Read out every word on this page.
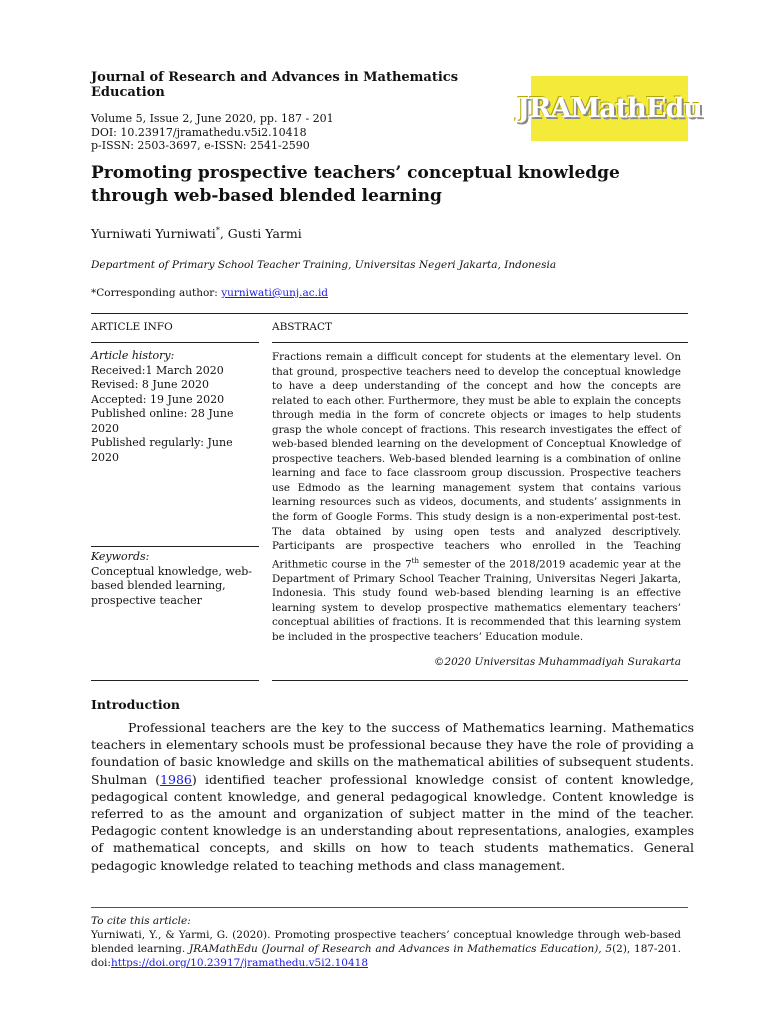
Journal of Research and Advances in Mathematics Education

Volume 5, Issue 2, June 2020, pp. 187 - 201
DOI: 10.23917/jramathedu.v5i2.10418
p-ISSN: 2503-3697, e-ISSN: 2541-2590
JRAMathEdu
Promoting prospective teachers’ conceptual knowledge
through web-based blended learning
Yurniwati Yurniwati*, Gusti Yarmi
Department of Primary School Teacher Training, Universitas Negeri Jakarta, Indonesia
*Corresponding author: yurniwati@unj.ac.id
ARTICLE INFO	ABSTRACT
Article history:
Received:1 March 2020
Revised: 8 June 2020
Accepted: 19 June 2020
Published online: 28 June
2020
Published regularly: June
2020
Keywords:
Conceptual knowledge, web-
based blended learning,
prospective teacher

Fractions remain a difficult concept for students at the elementary level. On that ground, prospective teachers need to develop the conceptual knowledge to have a deep understanding of the concept and how the concepts are related to each other. Furthermore, they must be able to explain the concepts through media in the form of concrete objects or images to help students grasp the whole concept of fractions. This research investigates the effect of web-based blended learning on the development of Conceptual Knowledge of prospective teachers. Web-based blended learning is a combination of online learning and face to face classroom group discussion. Prospective teachers use Edmodo as the learning management system that contains various learning resources such as videos, documents, and students’ assignments in the form of Google Forms. This study design is a non-experimental post-test. The data obtained by using open tests and analyzed descriptively. Participants are prospective teachers who enrolled in the Teaching Arithmetic course in the 7th semester of the 2018/2019 academic year at the Department of Primary School Teacher Training, Universitas Negeri Jakarta, Indonesia. This study found web-based blending learning is an effective learning system to develop prospective mathematics elementary teachers’ conceptual abilities of fractions. It is recommended that this learning system be included in the prospective teachers’ Education module.

©2020 Universitas Muhammadiyah Surakarta
Introduction

Professional teachers are the key to the success of Mathematics learning. Mathematics teachers in elementary schools must be professional because they have the role of providing a foundation of basic knowledge and skills on the mathematical abilities of subsequent students. Shulman (1986) identified teacher professional knowledge consist of content knowledge, pedagogical content knowledge, and general pedagogical knowledge. Content knowledge is referred to as the amount and organization of subject matter in the mind of the teacher. Pedagogic content knowledge is an understanding about representations, analogies, examples of mathematical concepts, and skills on how to teach students mathematics. General pedagogic knowledge related to teaching methods and class management.

To cite this article:
Yurniwati, Y., & Yarmi, G. (2020). Promoting prospective teachers’ conceptual knowledge through web-based blended learning. JRAMathEdu (Journal of Research and Advances in Mathematics Education), 5(2), 187-201. doi:https://doi.org/10.23917/jramathedu.v5i2.10418
